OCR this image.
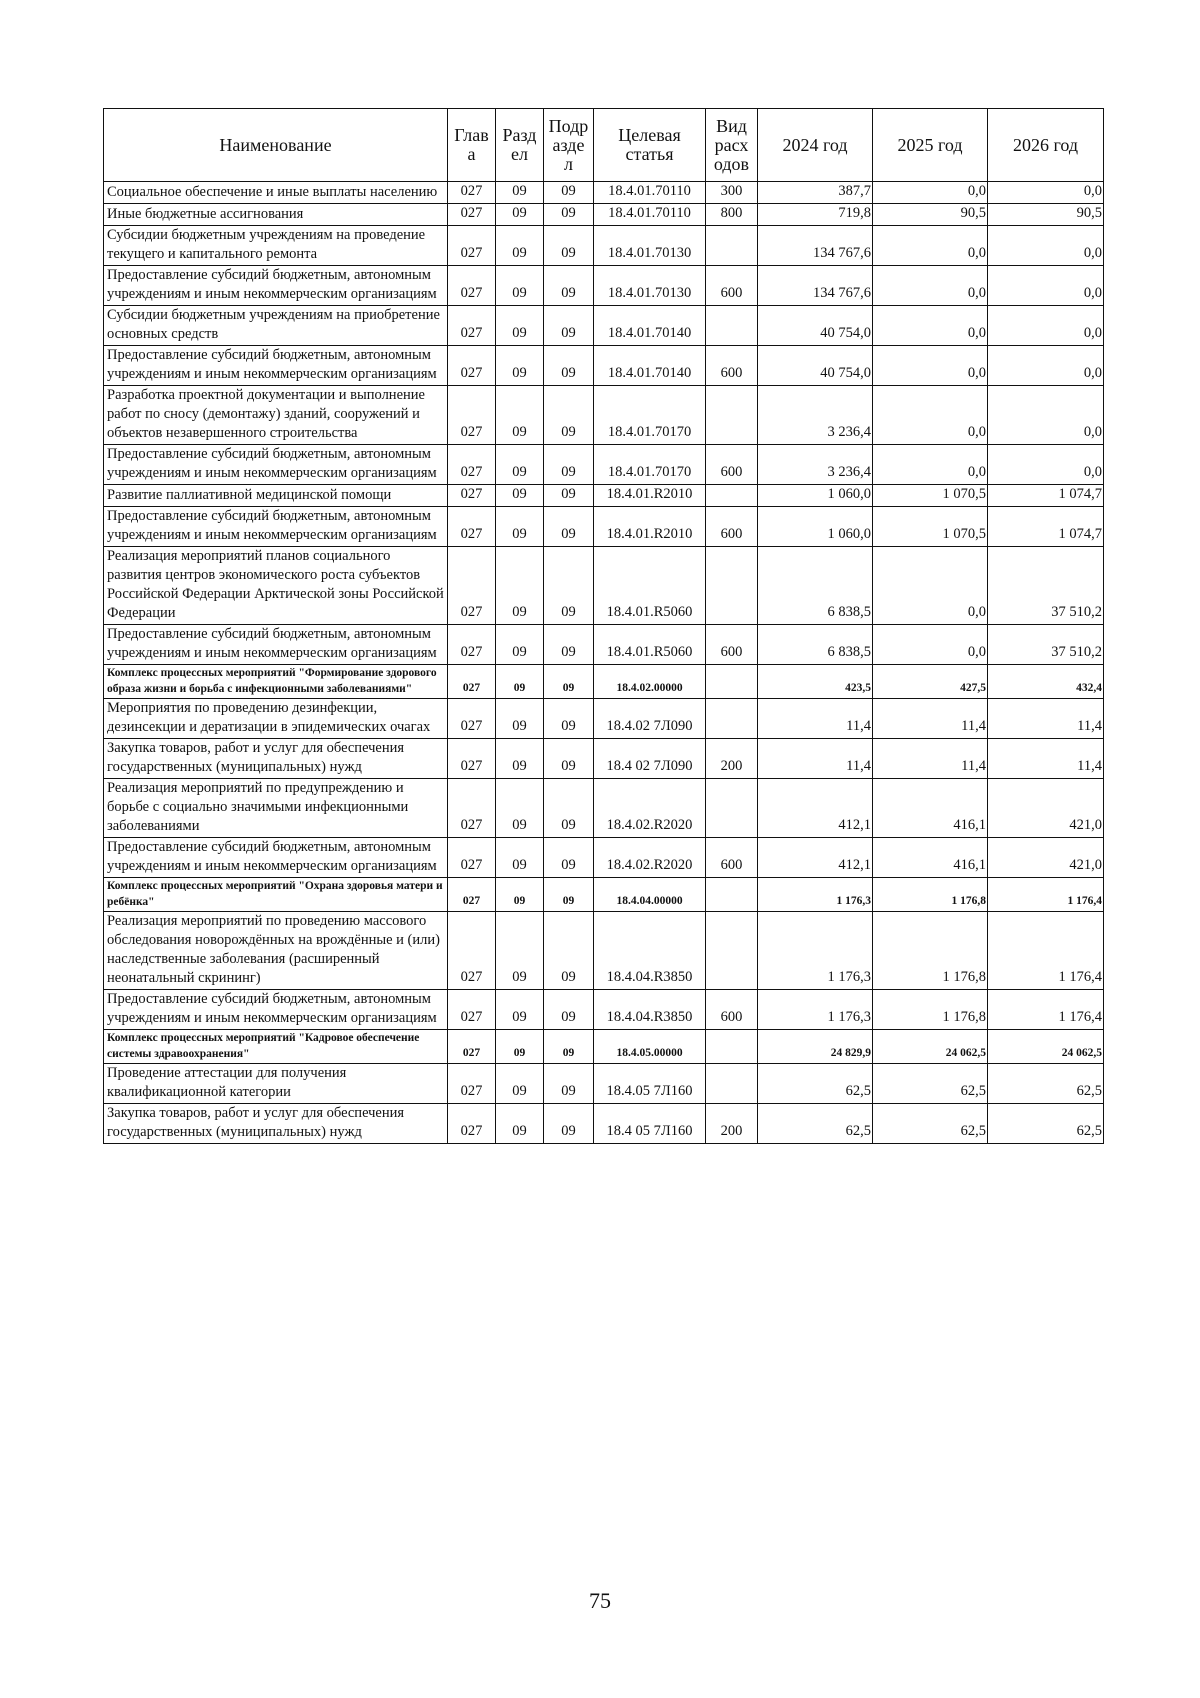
Наименование	Глав а	Разд ел	Подр азде л	Целевая статья	Вид расх одов	2024 год	2025 год	2026 год
Социальное обеспечение и иные выплаты населению	027	09	09	18.4.01.70110	300	387,7	0,0	0,0
Иные бюджетные ассигнования	027	09	09	18.4.01.70110	800	719,8	90,5	90,5
Субсидии бюджетным учреждениям на проведение текущего и капитального ремонта	027	09	09	18.4.01.70130		134 767,6	0,0	0,0
Предоставление субсидий бюджетным, автономным учреждениям и иным некоммерческим организациям	027	09	09	18.4.01.70130	600	134 767,6	0,0	0,0
Субсидии бюджетным учреждениям на приобретение основных средств	027	09	09	18.4.01.70140		40 754,0	0,0	0,0
Предоставление субсидий бюджетным, автономным учреждениям и иным некоммерческим организациям	027	09	09	18.4.01.70140	600	40 754,0	0,0	0,0
Разработка проектной документации и выполнение работ по сносу (демонтажу) зданий, сооружений и объектов незавершенного строительства	027	09	09	18.4.01.70170		3 236,4	0,0	0,0
Предоставление субсидий бюджетным, автономным учреждениям и иным некоммерческим организациям	027	09	09	18.4.01.70170	600	3 236,4	0,0	0,0
Развитие паллиативной медицинской помощи	027	09	09	18.4.01.R2010		1 060,0	1 070,5	1 074,7
Предоставление субсидий бюджетным, автономным учреждениям и иным некоммерческим организациям	027	09	09	18.4.01.R2010	600	1 060,0	1 070,5	1 074,7
Реализация мероприятий планов социального развития центров экономического роста субъектов Российской Федерации Арктической зоны Российской Федерации	027	09	09	18.4.01.R5060		6 838,5	0,0	37 510,2
Предоставление субсидий бюджетным, автономным учреждениям и иным некоммерческим организациям	027	09	09	18.4.01.R5060	600	6 838,5	0,0	37 510,2
Комплекс процессных мероприятий "Формирование здорового образа жизни и борьба с инфекционными заболеваниями"	027	09	09	18.4.02.00000		423,5	427,5	432,4
Мероприятия по проведению дезинфекции, дезинсекции и дератизации в эпидемических очагах	027	09	09	18.4.02 7Л090		11,4	11,4	11,4
Закупка товаров, работ и услуг для обеспечения государственных (муниципальных) нужд	027	09	09	18.4 02 7Л090	200	11,4	11,4	11,4
Реализация мероприятий по предупреждению и борьбе с социально значимыми инфекционными заболеваниями	027	09	09	18.4.02.R2020		412,1	416,1	421,0
Предоставление субсидий бюджетным, автономным учреждениям и иным некоммерческим организациям	027	09	09	18.4.02.R2020	600	412,1	416,1	421,0
Комплекс процессных мероприятий "Охрана здоровья матери и ребёнка"	027	09	09	18.4.04.00000		1 176,3	1 176,8	1 176,4
Реализация мероприятий по проведению массового обследования новорождённых на врождённые и (или) наследственные заболевания (расширенный неонатальный скрининг)	027	09	09	18.4.04.R3850		1 176,3	1 176,8	1 176,4
Предоставление субсидий бюджетным, автономным учреждениям и иным некоммерческим организациям	027	09	09	18.4.04.R3850	600	1 176,3	1 176,8	1 176,4
Комплекс процессных мероприятий "Кадровое обеспечение системы здравоохранения"	027	09	09	18.4.05.00000		24 829,9	24 062,5	24 062,5
Проведение аттестации для получения квалификационной категории	027	09	09	18.4.05 7Л160		62,5	62,5	62,5
Закупка товаров, работ и услуг для обеспечения государственных (муниципальных) нужд	027	09	09	18.4 05 7Л160	200	62,5	62,5	62,5
75
